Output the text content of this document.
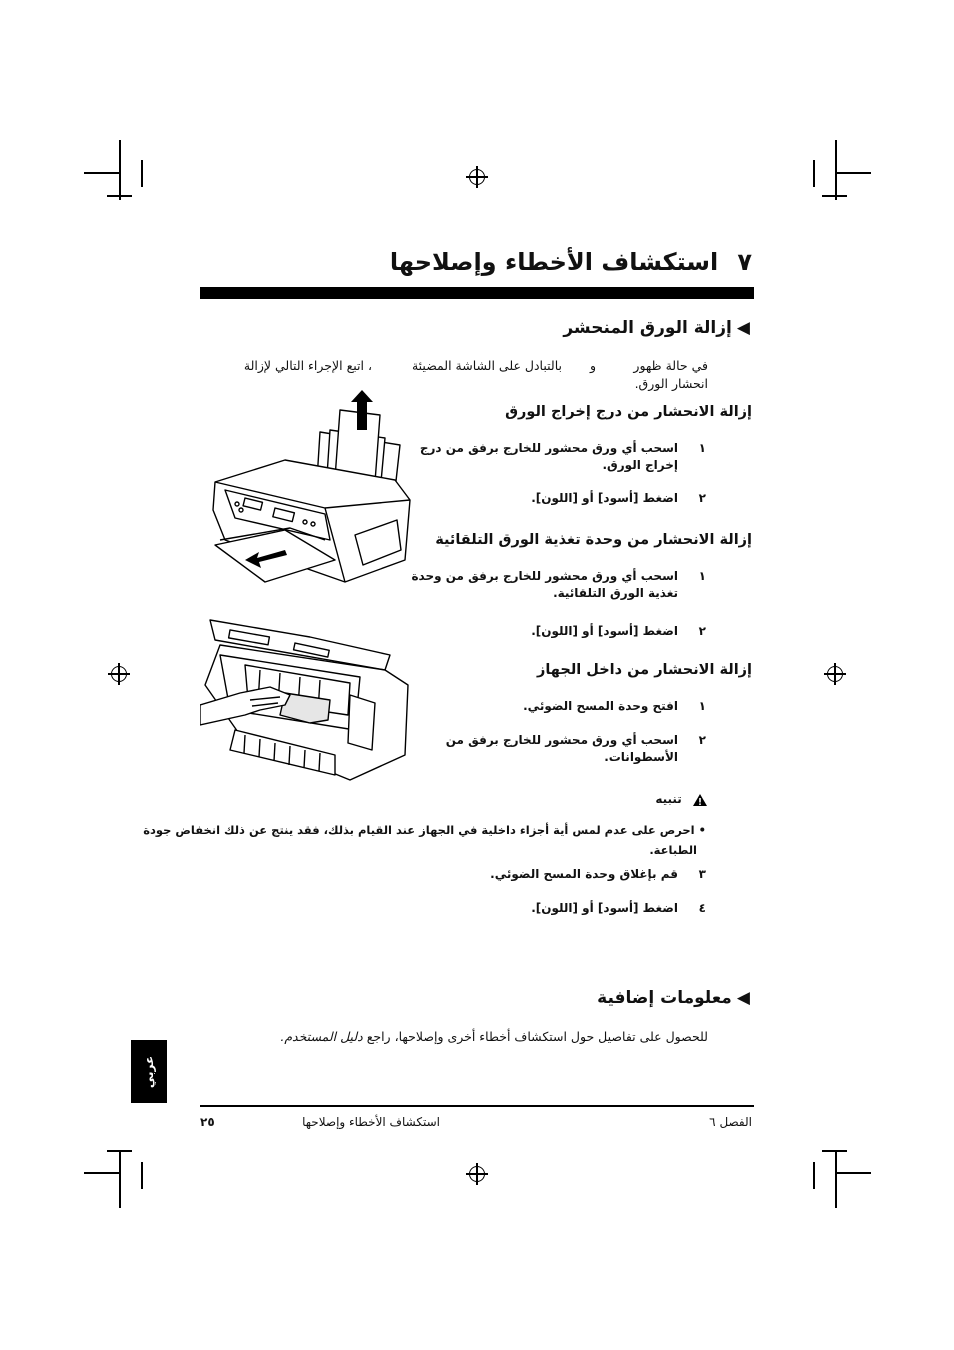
٧ استكشاف الأخطاء وإصلاحها
◀ إزالة الورق المنحشر
في حالة ظهور
و
بالتبادل على الشاشة المضيئة
، اتبع الإجراء التالي لإزالة
انحشار الورق.
إزالة الانحشار من درج إخراج الورق
١
اسحب أي ورق محشور للخارج برفق من درج
إخراج الورق.
٢
اضغط [أسود] أو [اللون].
إزالة الانحشار من وحدة تغذية الورق التلقائية
١
اسحب أي ورق محشور للخارج برفق من وحدة
تغذية الورق التلقائية.
٢
اضغط [أسود] أو [اللون].
إزالة الانحشار من داخل الجهاز
١
افتح وحدة المسح الضوئي.
٢
اسحب أي ورق محشور للخارج برفق من
الأسطوانات.
تنبيه
• احرص على عدم لمس أية أجزاء داخلية في الجهاز عند القيام بذلك، فقد ينتج عن ذلك انخفاض جودة
الطباعة.
٣
قم بإغلاق وحدة المسح الضوئي.
٤
اضغط [أسود] أو [اللون].
◀ معلومات إضافية
للحصول على تفاصيل حول استكشاف أخطاء أخرى وإصلاحها، راجع دليل المستخدم.
عربي
الفصل ٦
استكشاف الأخطاء وإصلاحها
٢٥
